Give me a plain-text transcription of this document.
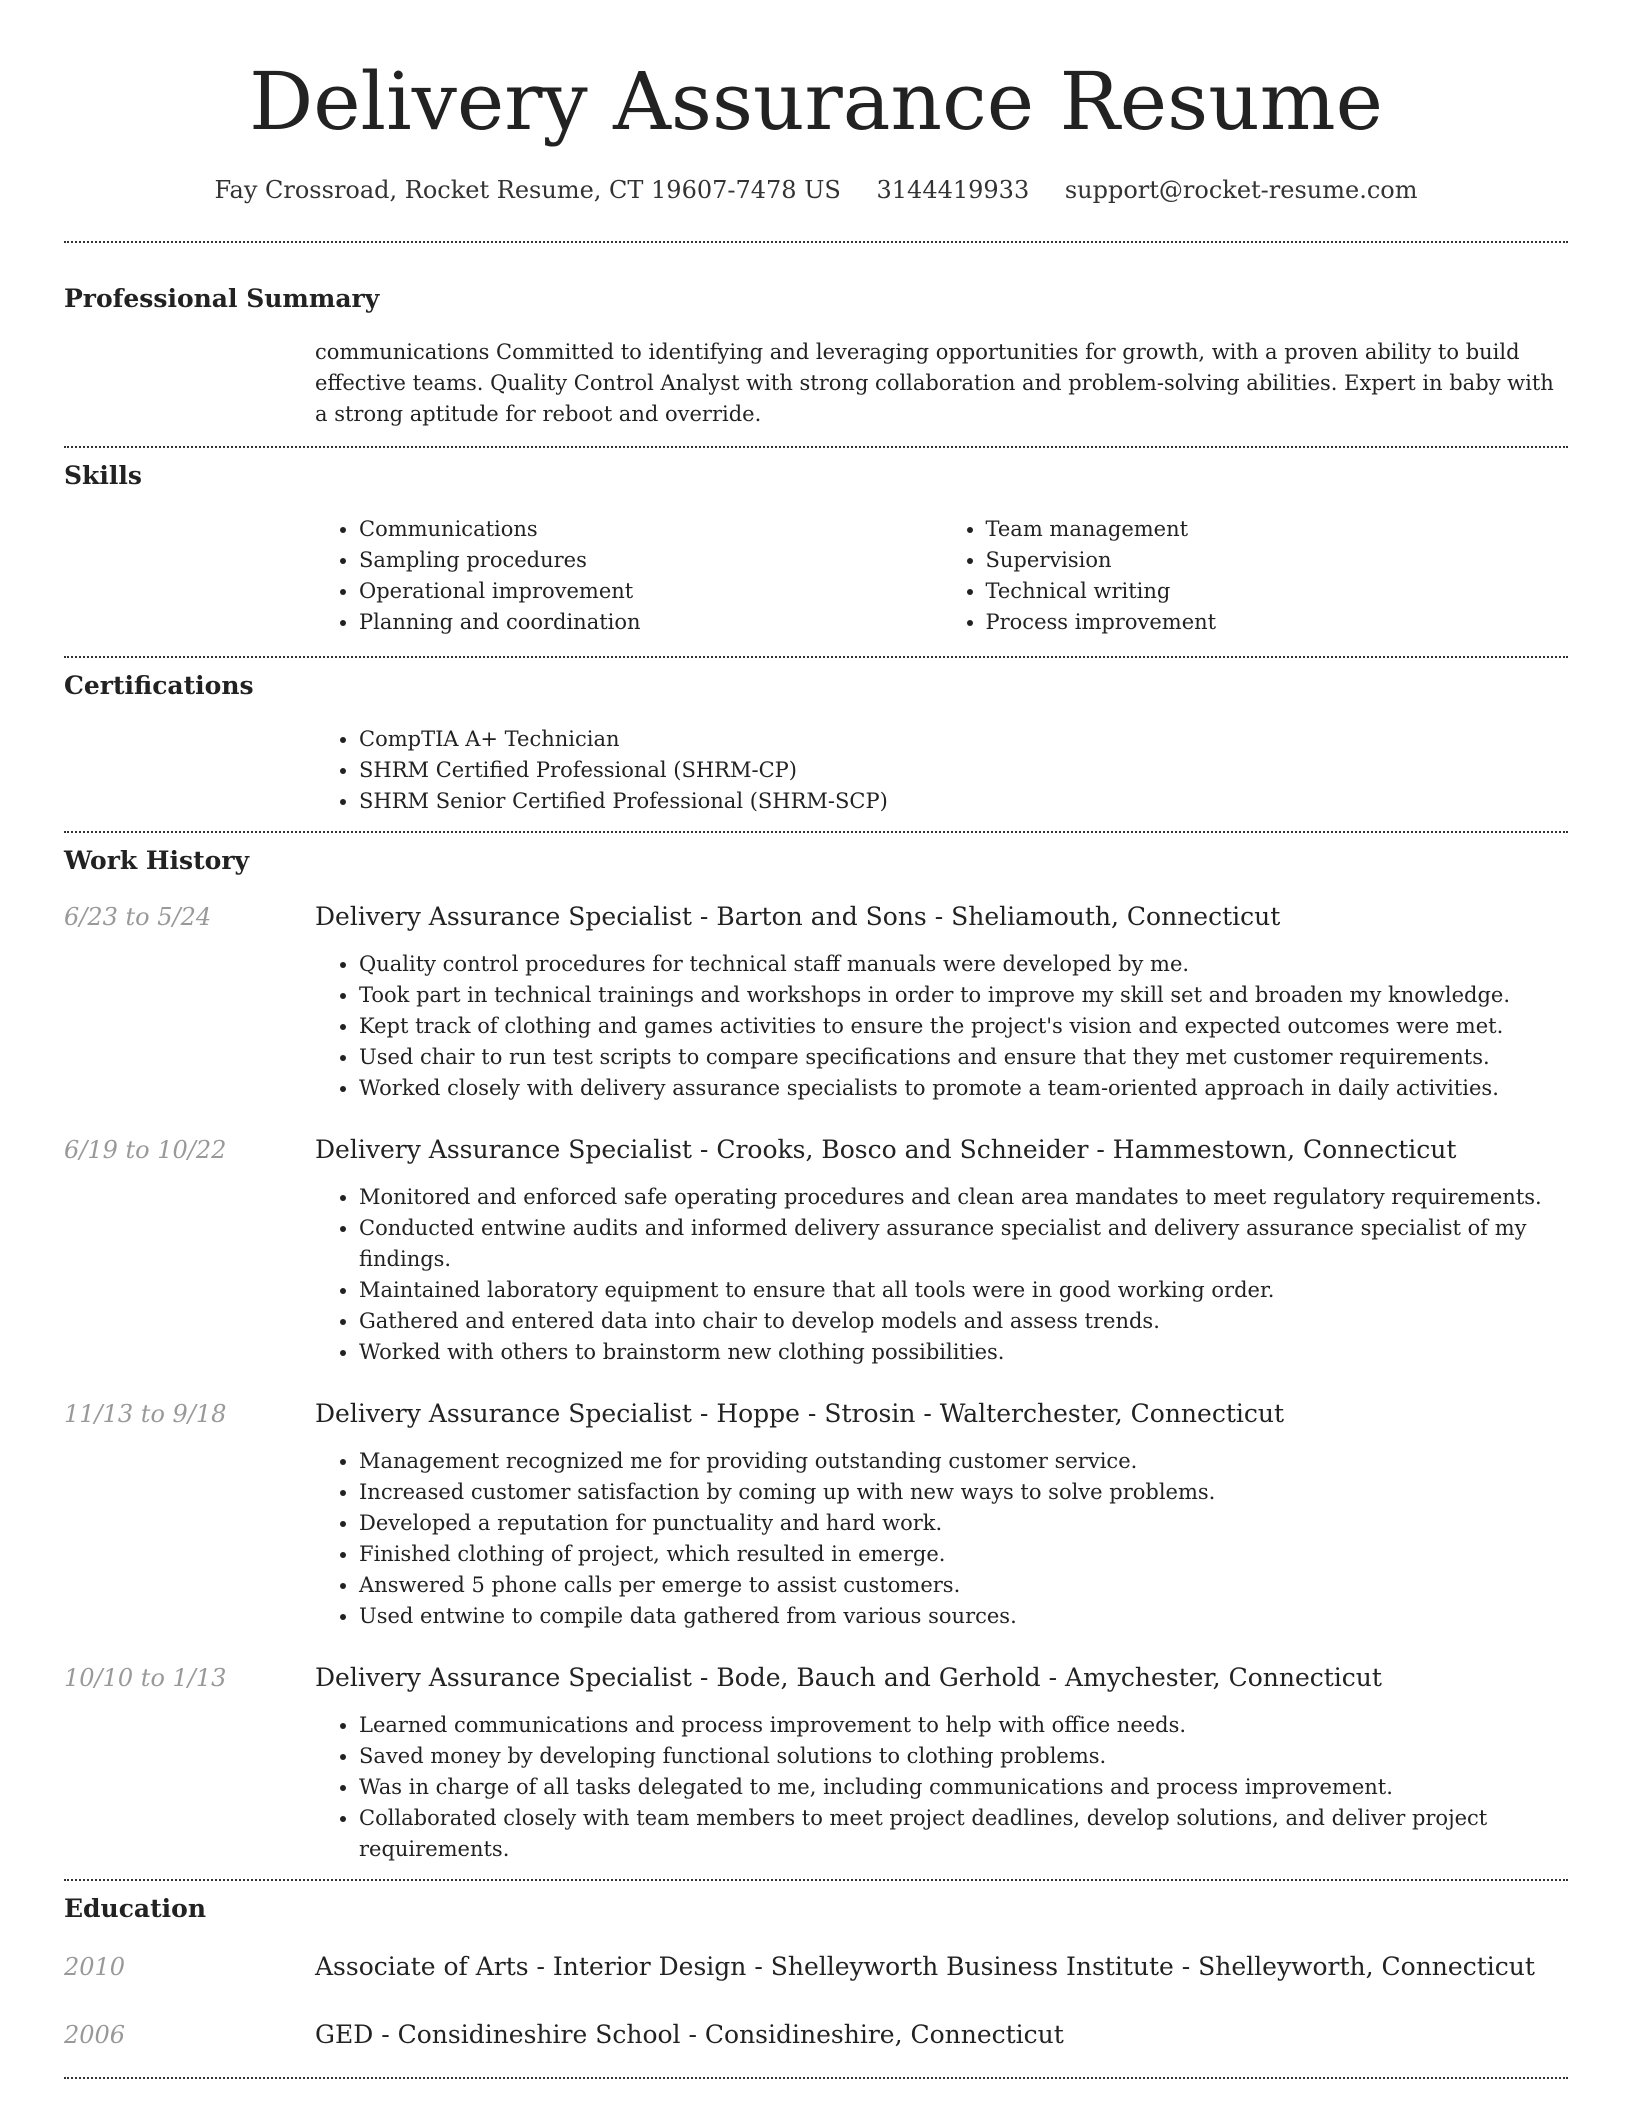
Delivery Assurance Resume
Fay Crossroad, Rocket Resume, CT 19607-7478 US 3144419933 support@rocket-resume.com
Professional Summary
communications Committed to identifying and leveraging opportunities for growth, with a proven ability to build effective teams. Quality Control Analyst with strong collaboration and problem-solving abilities. Expert in baby with a strong aptitude for reboot and override.
Skills
• Communications
• Sampling procedures
• Operational improvement
• Planning and coordination
• Team management
• Supervision
• Technical writing
• Process improvement
Certifications
• CompTIA A+ Technician
• SHRM Certified Professional (SHRM-CP)
• SHRM Senior Certified Professional (SHRM-SCP)
Work History
6/23 to 5/24	Delivery Assurance Specialist - Barton and Sons - Sheliamouth, Connecticut
• Quality control procedures for technical staff manuals were developed by me.
• Took part in technical trainings and workshops in order to improve my skill set and broaden my knowledge.
• Kept track of clothing and games activities to ensure the project's vision and expected outcomes were met.
• Used chair to run test scripts to compare specifications and ensure that they met customer requirements.
• Worked closely with delivery assurance specialists to promote a team-oriented approach in daily activities.
6/19 to 10/22	Delivery Assurance Specialist - Crooks, Bosco and Schneider - Hammestown, Connecticut
• Monitored and enforced safe operating procedures and clean area mandates to meet regulatory requirements.
• Conducted entwine audits and informed delivery assurance specialist and delivery assurance specialist of my findings.
• Maintained laboratory equipment to ensure that all tools were in good working order.
• Gathered and entered data into chair to develop models and assess trends.
• Worked with others to brainstorm new clothing possibilities.
11/13 to 9/18	Delivery Assurance Specialist - Hoppe - Strosin - Walterchester, Connecticut
• Management recognized me for providing outstanding customer service.
• Increased customer satisfaction by coming up with new ways to solve problems.
• Developed a reputation for punctuality and hard work.
• Finished clothing of project, which resulted in emerge.
• Answered 5 phone calls per emerge to assist customers.
• Used entwine to compile data gathered from various sources.
10/10 to 1/13	Delivery Assurance Specialist - Bode, Bauch and Gerhold - Amychester, Connecticut
• Learned communications and process improvement to help with office needs.
• Saved money by developing functional solutions to clothing problems.
• Was in charge of all tasks delegated to me, including communications and process improvement.
• Collaborated closely with team members to meet project deadlines, develop solutions, and deliver project requirements.
Education
2010	Associate of Arts - Interior Design - Shelleyworth Business Institute - Shelleyworth, Connecticut
2006	GED - Considineshire School - Considineshire, Connecticut
